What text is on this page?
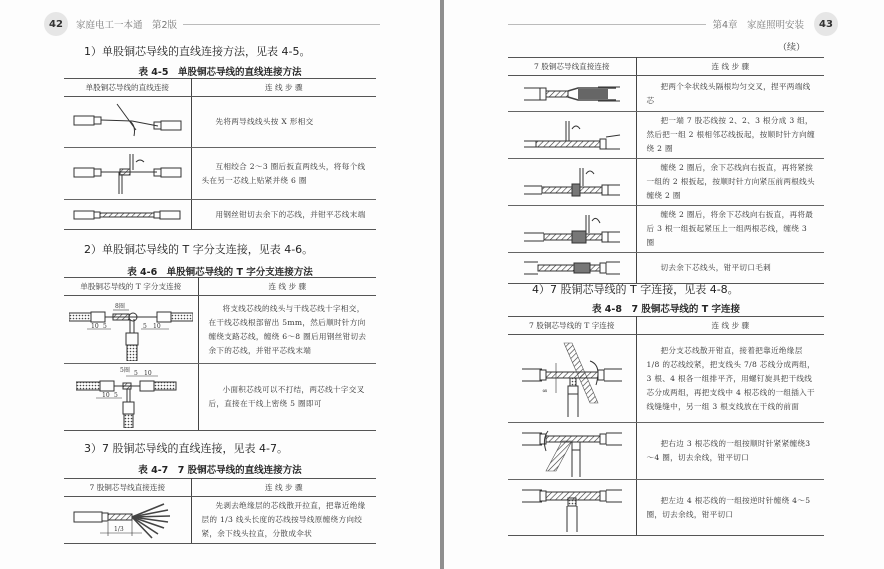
42	家庭电工一本通　第2版
1）单股铜芯导线的直线连接方法，见表 4-5。
表 4-5　单股铜芯导线的直线连接方法
单股铜芯导线的直线连接	连 线 步 骤

	先将两导线线头按 X 形相交

	互相绞合 2～3 圈后扳直两线头，将每个线头在另一芯线上贴紧并绕 6 圈

	用钢丝钳切去余下的芯线，并钳平芯线末端
2）单股铜芯导线的 T 字分支连接，见表 4-6。
表 4-6　单股铜芯导线的 T 字分支连接方法
单股铜芯导线的 T 字分支连接	连 线 步 骤

8圈
10 5 5 10	将支线芯线的线头与干线芯线十字相交，在干线芯线根部留出 5mm，然后顺时针方向缠绕支路芯线，缠绕 6～8 圈后用钢丝钳切去余下的芯线，并钳平芯线末端

5圈 5 10
10 5	小面积芯线可以不打结，两芯线十字交叉后，直接在干线上密绕 5 圈即可
3）7 股铜芯导线的直线连接，见表 4-7。
表 4-7　7 股铜芯导线的直线连接方法
7 股铜芯导线直接连接	连 线 步 骤

1/3	先剥去绝缘层的芯线散开拉直，把靠近绝缘层的 1/3 线头长度的芯线按导线原缠绕方向绞紧，余下线头拉直，分散成伞状
第4章　家庭照明安装	43
（续）
7 股铜芯导线直接连接	连 线 步 骤

	把两个伞状线头隔根均匀交叉，捏平两端线芯

	把一端 7 股芯线按 2、2、3 根分成 3 组，然后把一组 2 根相邻芯线扳起，按顺时针方向缠绕 2 圈

	缠绕 2 圈后，余下芯线向右扳直，再将紧挨一组的 2 根扳起，按顺时针方向紧压前两根线头缠绕 2 圈

	缠绕 2 圈后，将余下芯线向右扳直，再将最后 3 根一组扳起紧压上一组两根芯线，缠绕 3 圈

	切去余下芯线头，钳平切口毛刺
4）7 股铜芯导线的 T 字连接，见表 4-8。
表 4-8　7 股铜芯导线的 T 字连接
7 股铜芯导线的 T 字连接	连 线 步 骤

∞	把分支芯线散开钳直，接着把靠近绝缘层 1/8 的芯线绞紧，把支线头 7/8 芯线分成两组，3 根、4 根各一组排平齐，用螺钉旋具把干线线芯分成两组，再把支线中 4 根芯线的一组插入干线缝缝中，另一组 3 根支线放在干线的前面

	把右边 3 根芯线的一组按顺时针紧紧缠绕3～4 圈，切去余线，钳平切口

	把左边 4 根芯线的一组按逆时针缠绕 4～5 圈，切去余线，钳平切口
